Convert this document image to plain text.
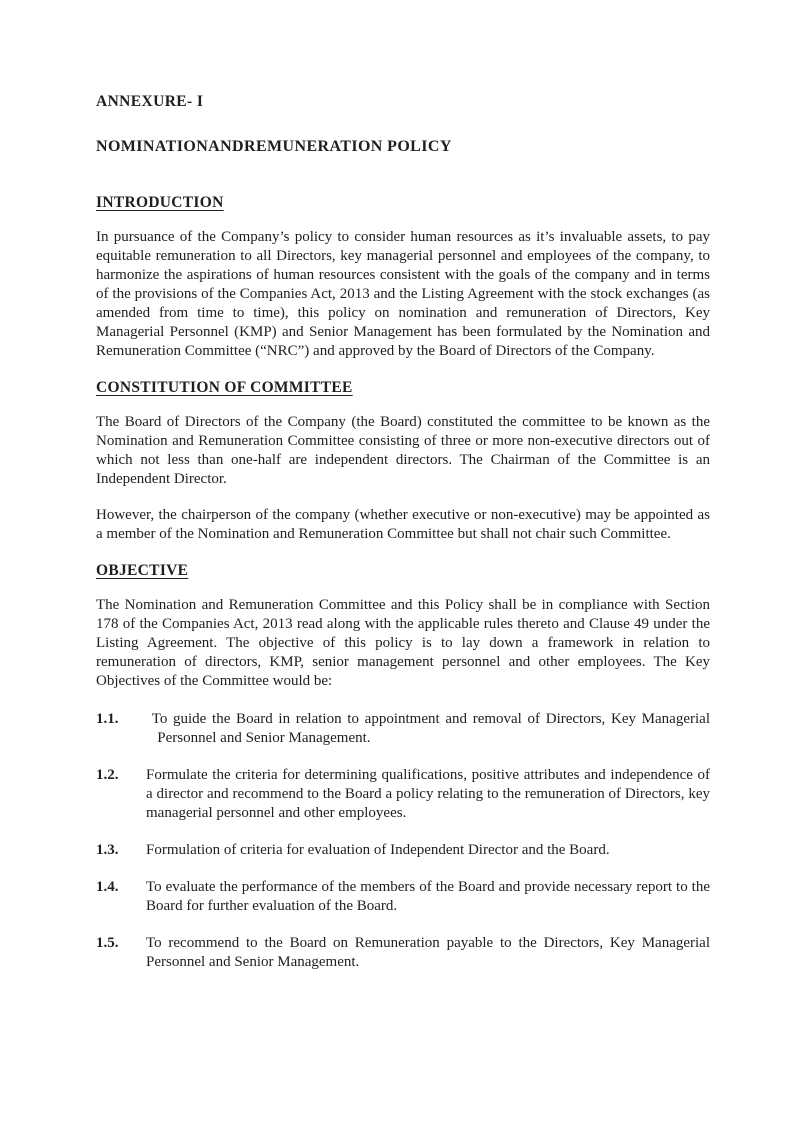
ANNEXURE- I
NOMINATIONANDREMUNERATION POLICY
INTRODUCTION

In pursuance of the Company’s policy to consider human resources as it’s invaluable assets, to pay equitable remuneration to all Directors, key managerial personnel and employees of the company, to harmonize the aspirations of human resources consistent with the goals of the company and in terms of the provisions of the Companies Act, 2013 and the Listing Agreement with the stock exchanges (as amended from time to time), this policy on nomination and remuneration of Directors, Key Managerial Personnel (KMP) and Senior Management has been formulated by the Nomination and Remuneration Committee (“NRC”) and approved by the Board of Directors of the Company.

CONSTITUTION OF COMMITTEE

The Board of Directors of the Company (the Board) constituted the committee to be known as the Nomination and Remuneration Committee consisting of three or more non-executive directors out of which not less than one-half are independent directors. The Chairman of the Committee is an Independent Director.

However, the chairperson of the company (whether executive or non-executive) may be appointed as a member of the Nomination and Remuneration Committee but shall not chair such Committee.

OBJECTIVE

The Nomination and Remuneration Committee and this Policy shall be in compliance with Section 178 of the Companies Act, 2013 read along with the applicable rules thereto and Clause 49 under the Listing Agreement. The objective of this policy is to lay down a framework in relation to remuneration of directors, KMP, senior management personnel and other employees. The Key Objectives of the Committee would be:

1.1.	To guide the Board in relation to appointment and removal of Directors, Key Managerial    Personnel and Senior Management.
1.2.	Formulate the criteria for determining qualifications, positive attributes and independence of a director and recommend to the Board a policy relating to the remuneration of Directors, key managerial personnel and other employees.
1.3.	Formulation of criteria for evaluation of Independent Director and the Board.
1.4.	To evaluate the performance of the members of the Board and provide necessary report to the Board for further evaluation of the Board.
1.5.	To recommend to the Board on Remuneration payable to the Directors, Key Managerial Personnel and Senior Management.
